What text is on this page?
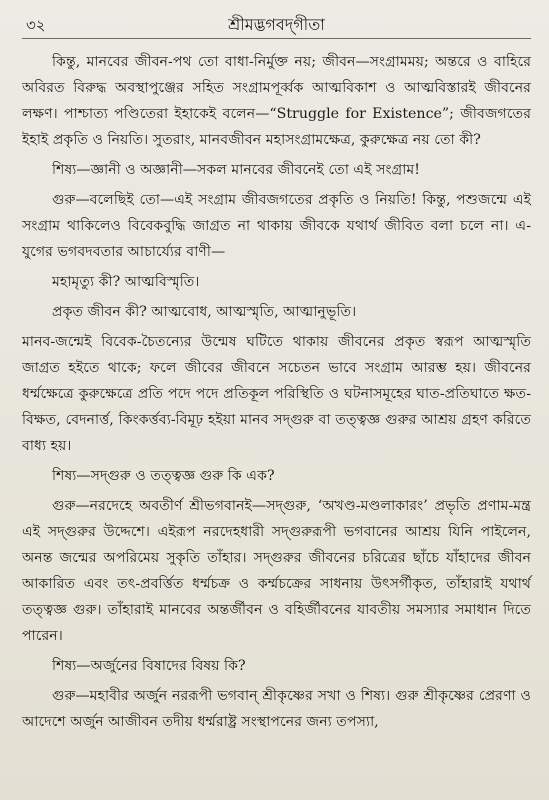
৩২	শ্রীমদ্ভগবদ্‌গীতা

কিন্তু, মানবের জীবন-পথ তো বাধা-নির্মুক্ত নয়; জীবন—সংগ্রামময়; অন্তরে ও বাহিরে অবিরত বিরুদ্ধ অবস্থাপুঞ্জের সহিত সংগ্রামপূর্ব্বক আত্মবিকাশ ও আত্মবিস্তারই জীবনের লক্ষণ। পাশ্চাত্য পণ্ডিতেরা ইহাকেই বলেন—“Struggle for Existence”; জীবজগতের ইহাই প্রকৃতি ও নিয়তি। সুতরাং, মানবজীবন মহাসংগ্রামক্ষেত্র, কুরুক্ষেত্র নয় তো কী?

শিষ্য—জ্ঞানী ও অজ্ঞানী—সকল মানবের জীবনেই তো এই সংগ্রাম!

গুরু—বলেছিই তো—এই সংগ্রাম জীবজগতের প্রকৃতি ও নিয়তি! কিন্তু, পশুজন্মে এই সংগ্রাম থাকিলেও বিবেকবুদ্ধি জাগ্রত না থাকায় জীবকে যথার্থ জীবিত বলা চলে না। এ-যুগের ভগবদবতার আচার্য্যের বাণী—

মহামৃত্যু কী? আত্মবিস্মৃতি।

প্রকৃত জীবন কী? আত্মবোধ, আত্মস্মৃতি, আত্মানুভূতি।

মানব-জন্মেই বিবেক-চৈতন্যের উন্মেষ ঘটিতে থাকায় জীবনের প্রকৃত স্বরূপ আত্মস্মৃতি জাগ্রত হইতে থাকে; ফলে জীবের জীবনে সচেতন ভাবে সংগ্রাম আরম্ভ হয়। জীবনের ধর্ম্মক্ষেত্রে কুরুক্ষেত্রে প্রতি পদে পদে প্রতিকূল পরিস্থিতি ও ঘটনাসমূহের ঘাত-প্রতিঘাতে ক্ষত-বিক্ষত, বেদনার্ত্ত, কিংকর্ত্তব্য-বিমূঢ় হইয়া মানব সদ্‌গুরু বা তত্ত্বজ্ঞ গুরুর আশ্রয় গ্রহণ করিতে বাধ্য হয়।

শিষ্য—সদ্‌গুরু ও তত্ত্বজ্ঞ গুরু কি এক?

গুরু—নরদেহে অবতীর্ণ শ্রীভগবানই—সদ্‌গুরু, ‘অখণ্ড-মণ্ডলাকারং’ প্রভৃতি প্রণাম-মন্ত্র এই সদ্‌গুরুর উদ্দেশে। এইরূপ নরদেহধারী সদ্‌গুরুরূপী ভগবানের আশ্রয় যিনি পাইলেন, অনন্ত জন্মের অপরিমেয় সুকৃতি তাঁহার। সদ্‌গুরুর জীবনের চরিত্রের ছাঁচে যাঁহাদের জীবন আকারিত এবং তৎ-প্রবর্ত্তিত ধর্ম্মচক্র ও কর্ম্মচক্রের সাধনায় উৎসর্গীকৃত, তাঁহারাই যথার্থ তত্ত্বজ্ঞ গুরু। তাঁহারাই মানবের অন্তর্জীবন ও বহির্জীবনের যাবতীয় সমস্যার সমাধান দিতে পারেন।

শিষ্য—অর্জুনের বিষাদের বিষয় কি?

গুরু—মহাবীর অর্জুন নররূপী ভগবান্‌ শ্রীকৃষ্ণের সখা ও শিষ্য। গুরু শ্রীকৃষ্ণের প্রেরণা ও আদেশে অর্জুন আজীবন তদীয় ধর্ম্মরাষ্ট্র সংস্থাপনের জন্য তপস্যা,
